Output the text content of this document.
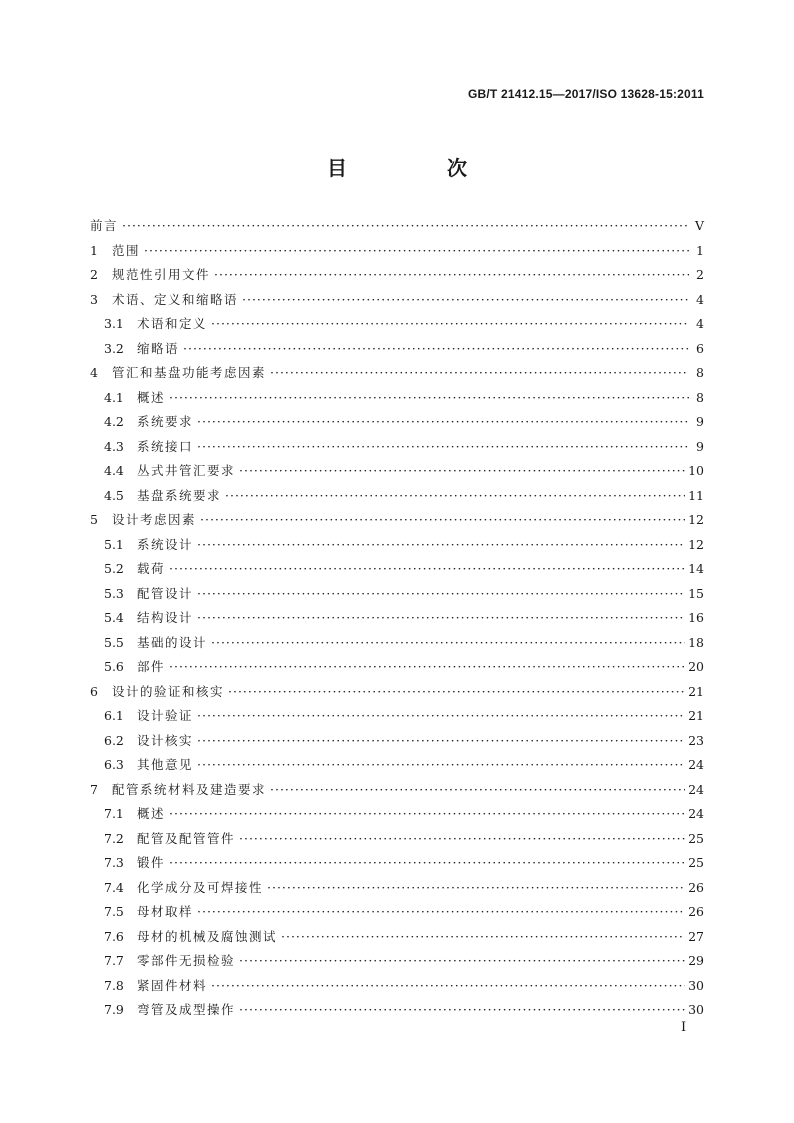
GB/T 21412.15—2017/ISO 13628-15:2011
目　次
前言 ·····	Ⅴ
1	范围 ·····	1
2	规范性引用文件 ·····	2
3	术语、定义和缩略语 ·····	4
3.1	术语和定义 ·····	4
3.2	缩略语 ·····	6
4	管汇和基盘功能考虑因素 ·····	8
4.1	概述 ·····	8
4.2	系统要求 ·····	9
4.3	系统接口 ·····	9
4.4	丛式井管汇要求 ·····	10
4.5	基盘系统要求 ·····	11
5	设计考虑因素 ·····	12
5.1	系统设计 ·····	12
5.2	载荷 ·····	14
5.3	配管设计 ·····	15
5.4	结构设计 ·····	16
5.5	基础的设计 ·····	18
5.6	部件 ·····	20
6	设计的验证和核实 ·····	21
6.1	设计验证 ·····	21
6.2	设计核实 ·····	23
6.3	其他意见 ·····	24
7	配管系统材料及建造要求 ·····	24
7.1	概述 ·····	24
7.2	配管及配管管件 ·····	25
7.3	锻件 ·····	25
7.4	化学成分及可焊接性 ·····	26
7.5	母材取样 ·····	26
7.6	母材的机械及腐蚀测试 ·····	27
7.7	零部件无损检验 ·····	29
7.8	紧固件材料 ·····	30
7.9	弯管及成型操作 ·····	30
Ⅰ
